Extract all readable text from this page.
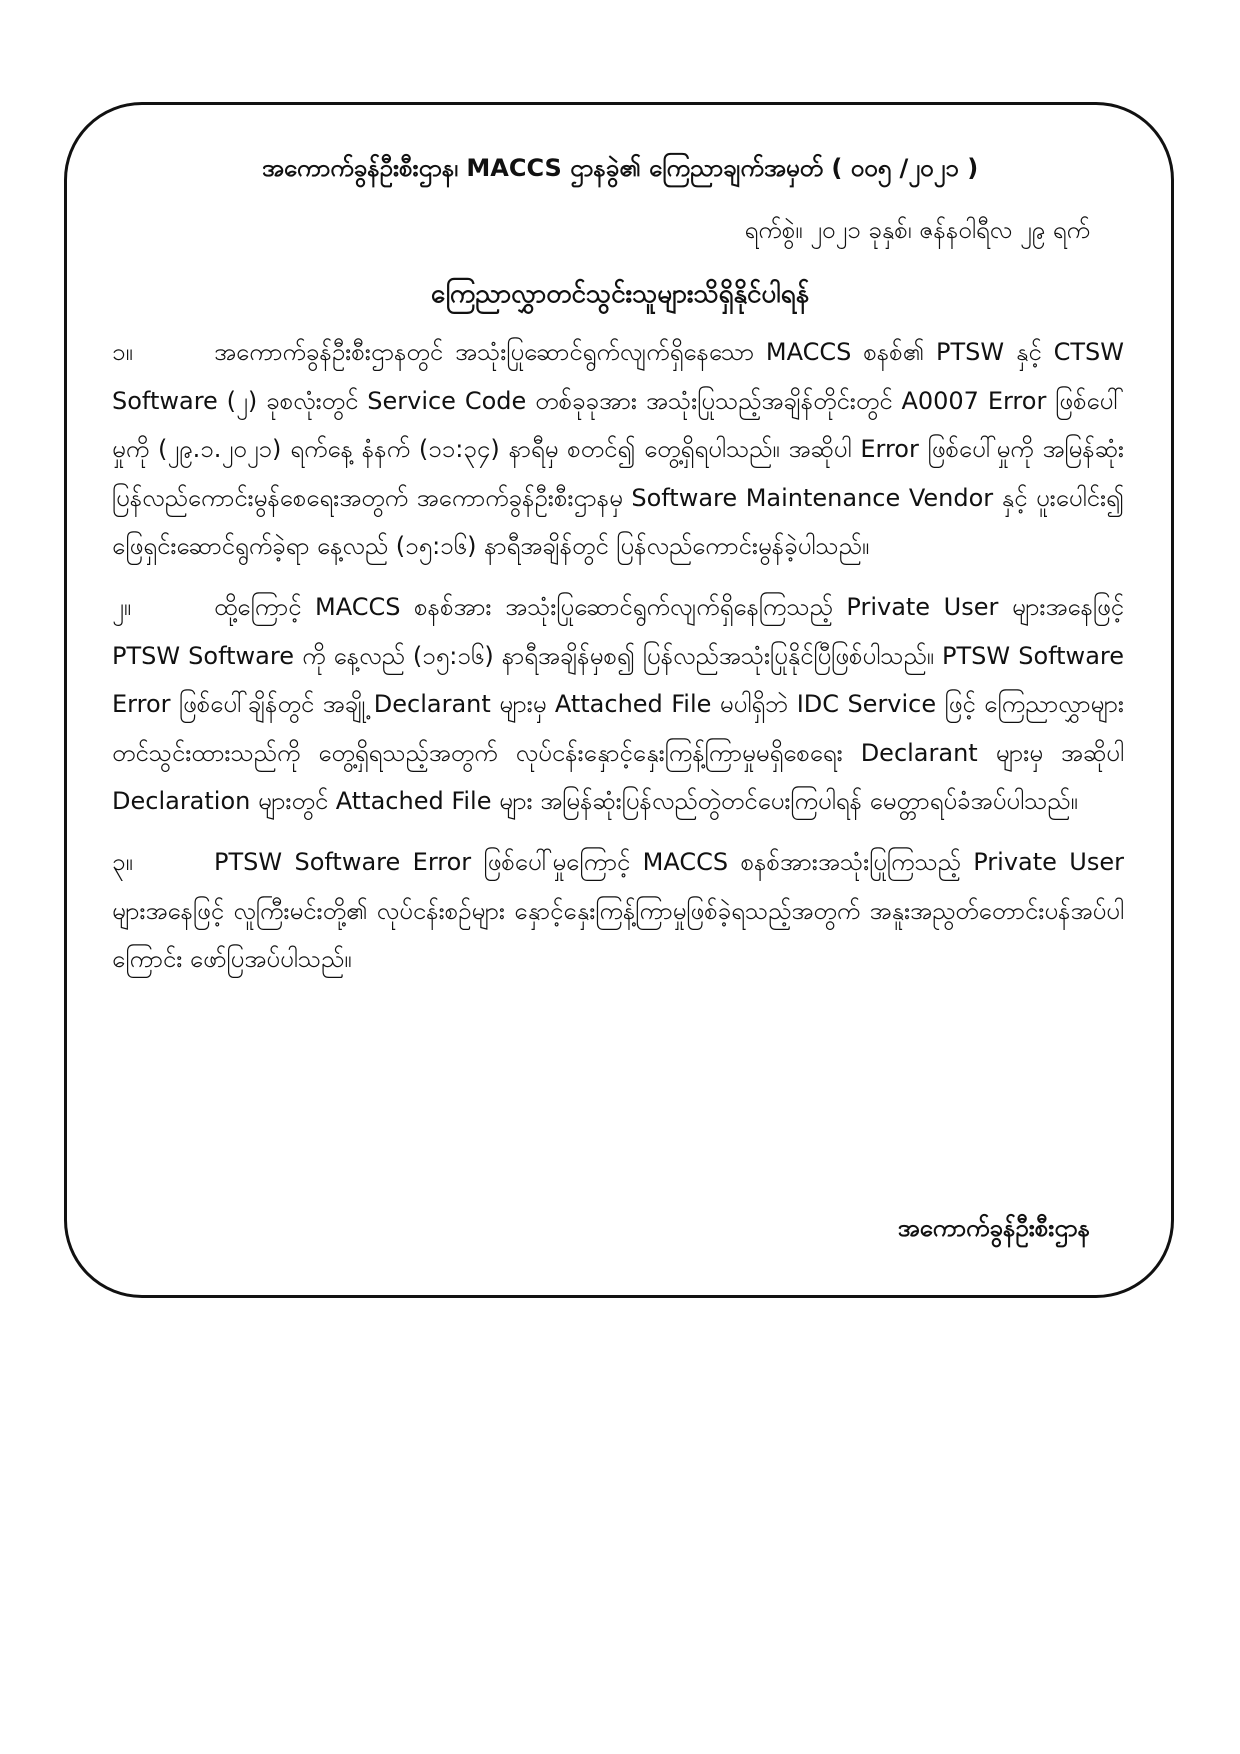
အကောက်ခွန်ဦးစီးဌာန၊ MACCS ဌာနခွဲ၏ ကြေညာချက်အမှတ် ( ၀၀၅ /၂၀၂၁ )
ရက်စွဲ။ ၂၀၂၁ ခုနှစ်၊ ဇန်နဝါရီလ ၂၉ ရက်
ကြေညာလွှာတင်သွင်းသူများသိရှိနိုင်ပါရန်

၁။	အကောက်ခွန်ဦးစီးဌာနတွင် အသုံးပြုဆောင်ရွက်လျက်ရှိနေသော MACCS စနစ်၏ PTSW နှင့် CTSW Software (၂) ခုစလုံးတွင် Service Code တစ်ခုခုအား အသုံးပြုသည့်အချိန်တိုင်းတွင် A0007 Error ဖြစ်ပေါ်မှုကို (၂၉.၁.၂၀၂၁) ရက်နေ့ နံနက် (၁၁:၃၄) နာရီမှ စတင်၍ တွေ့ရှိရပါသည်။ အဆိုပါ Error ဖြစ်ပေါ်မှုကို အမြန်ဆုံးပြန်လည်ကောင်းမွန်စေရေးအတွက် အကောက်ခွန်ဦးစီးဌာနမှ Software Maintenance Vendor နှင့် ပူးပေါင်း၍ ဖြေရှင်းဆောင်ရွက်ခဲ့ရာ နေ့လည် (၁၅:၁၆) နာရီအချိန်တွင် ပြန်လည်ကောင်းမွန်ခဲ့ပါသည်။

၂။	ထို့ကြောင့် MACCS စနစ်အား အသုံးပြုဆောင်ရွက်လျက်ရှိနေကြသည့် Private User များအနေဖြင့် PTSW Software ကို နေ့လည် (၁၅:၁၆) နာရီအချိန်မှစ၍ ပြန်လည်အသုံးပြုနိုင်ပြီဖြစ်ပါသည်။ PTSW Software Error ဖြစ်ပေါ်ချိန်တွင် အချို့ Declarant များမှ Attached File မပါရှိဘဲ IDC Service ဖြင့် ကြေညာလွှာများတင်သွင်းထားသည်ကို တွေ့ရှိရသည့်အတွက် လုပ်ငန်းနှောင့်နှေးကြန့်ကြာမှုမရှိစေရေး Declarant များမှ အဆိုပါ Declaration များတွင် Attached File များ အမြန်ဆုံးပြန်လည်တွဲတင်ပေးကြပါရန် မေတ္တာရပ်ခံအပ်ပါသည်။

၃။	PTSW Software Error ဖြစ်ပေါ်မှုကြောင့် MACCS စနစ်အားအသုံးပြုကြသည့် Private User များအနေဖြင့် လူကြီးမင်းတို့၏ လုပ်ငန်းစဉ်များ နှောင့်နှေးကြန့်ကြာမှုဖြစ်ခဲ့ရသည့်အတွက် အနူးအညွတ်တောင်းပန်အပ်ပါကြောင်း ဖော်ပြအပ်ပါသည်။

အကောက်ခွန်ဦးစီးဌာန
